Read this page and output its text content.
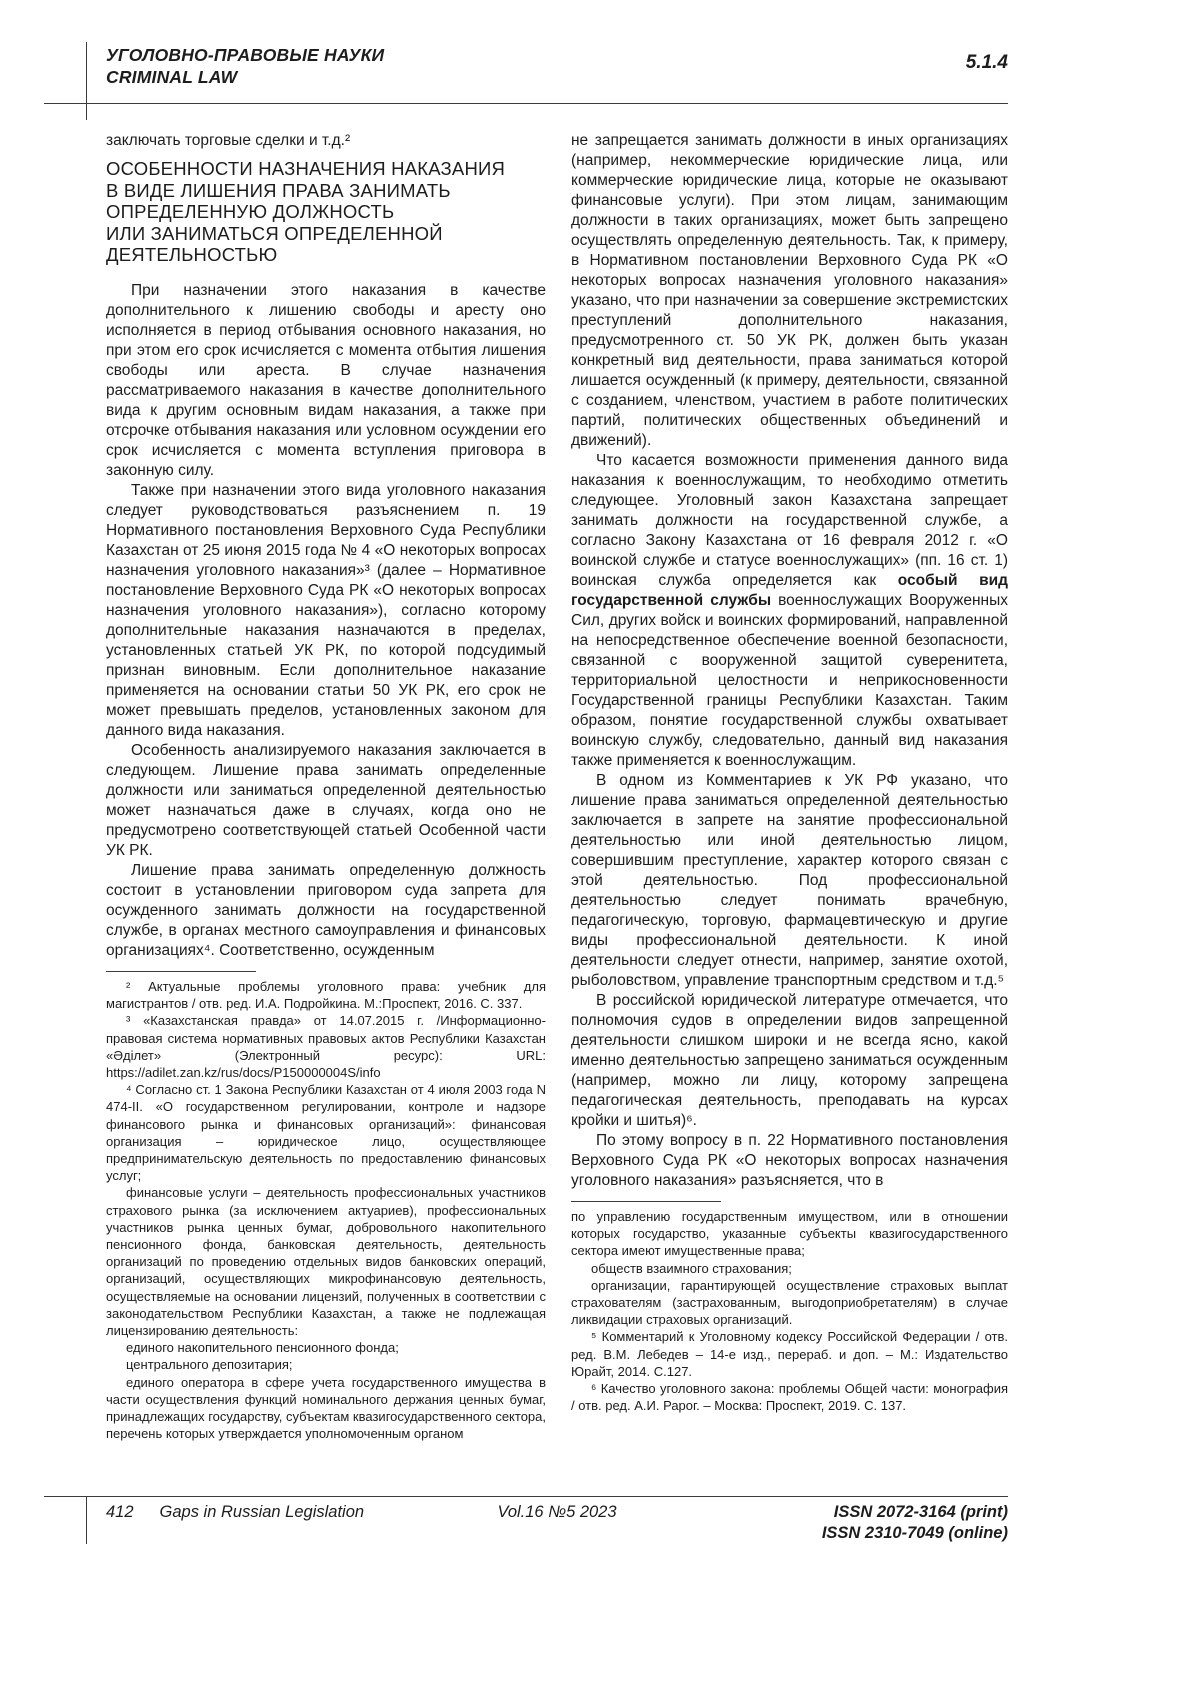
УГОЛОВНО-ПРАВОВЫЕ НАУКИ
CRIMINAL LAW
5.1.4

заключать торговые сделки и т.д.²

ОСОБЕННОСТИ НАЗНАЧЕНИЯ НАКАЗАНИЯ
В ВИДЕ ЛИШЕНИЯ ПРАВА ЗАНИМАТЬ
ОПРЕДЕЛЕННУЮ ДОЛЖНОСТЬ
ИЛИ ЗАНИМАТЬСЯ ОПРЕДЕЛЕННОЙ
ДЕЯТЕЛЬНОСТЬЮ

При назначении этого наказания в качестве дополнительного к лишению свободы и аресту оно исполняется в период отбывания основного наказания, но при этом его срок исчисляется с момента отбытия лишения свободы или ареста. В случае назначения рассматриваемого наказания в качестве дополнительного вида к другим основным видам наказания, а также при отсрочке отбывания наказания или условном осуждении его срок исчисляется с момента вступления приговора в законную силу.

Также при назначении этого вида уголовного наказания следует руководствоваться разъяснением п. 19 Нормативного постановления Верховного Суда Республики Казахстан от 25 июня 2015 года № 4 «О некоторых вопросах назначения уголовного наказания»³ (далее – Нормативное постановление Верховного Суда РК «О некоторых вопросах назначения уголовного наказания»), согласно которому дополнительные наказания назначаются в пределах, установленных статьей УК РК, по которой подсудимый признан виновным. Если дополнительное наказание применяется на основании статьи 50 УК РК, его срок не может превышать пределов, установленных законом для данного вида наказания.

Особенность анализируемого наказания заключается в следующем. Лишение права занимать определенные должности или заниматься определенной деятельностью может назначаться даже в случаях, когда оно не предусмотрено соответствующей статьей Особенной части УК РК.

Лишение права занимать определенную должность состоит в установлении приговором суда запрета для осужденного занимать должности на государственной службе, в органах местного самоуправления и финансовых организациях⁴. Соответственно, осужденным

² Актуальные проблемы уголовного права: учебник для магистрантов / отв. ред. И.А. Подройкина. М.:Проспект, 2016. С. 337.

³ «Казахстанская правда» от 14.07.2015 г. /Информационно-правовая система нормативных правовых актов Республики Казахстан «Әділет» (Электронный ресурс): URL: https://adilet.zan.kz/rus/docs/P150000004S/info

⁴ Согласно ст. 1 Закона Республики Казахстан от 4 июля 2003 года N 474-II. «О государственном регулировании, контроле и надзоре финансового рынка и финансовых организаций»: финансовая организация – юридическое лицо, осуществляющее предпринимательскую деятельность по предоставлению финансовых услуг;

финансовые услуги – деятельность профессиональных участников страхового рынка (за исключением актуариев), профессиональных участников рынка ценных бумаг, добровольного накопительного пенсионного фонда, банковская деятельность, деятельность организаций по проведению отдельных видов банковских операций, организаций, осуществляющих микрофинансовую деятельность, осуществляемые на основании лицензий, полученных в соответствии с законодательством Республики Казахстан, а также не подлежащая лицензированию деятельность:

единого накопительного пенсионного фонда;

центрального депозитария;

единого оператора в сфере учета государственного имущества в части осуществления функций номинального держания ценных бумаг, принадлежащих государству, субъектам квазигосударственного сектора, перечень которых утверждается уполномоченным органом

не запрещается занимать должности в иных организациях (например, некоммерческие юридические лица, или коммерческие юридические лица, которые не оказывают финансовые услуги). При этом лицам, занимающим должности в таких организациях, может быть запрещено осуществлять определенную деятельность. Так, к примеру, в Нормативном постановлении Верховного Суда РК «О некоторых вопросах назначения уголовного наказания» указано, что при назначении за совершение экстремистских преступлений дополнительного наказания, предусмотренного ст. 50 УК РК, должен быть указан конкретный вид деятельности, права заниматься которой лишается осужденный (к примеру, деятельности, связанной с созданием, членством, участием в работе политических партий, политических общественных объединений и движений).

Что касается возможности применения данного вида наказания к военнослужащим, то необходимо отметить следующее. Уголовный закон Казахстана запрещает занимать должности на государственной службе, а согласно Закону Казахстана от 16 февраля 2012 г. «О воинской службе и статусе военнослужащих» (пп. 16 ст. 1) воинская служба определяется как особый вид государственной службы военнослужащих Вооруженных Сил, других войск и воинских формирований, направленной на непосредственное обеспечение военной безопасности, связанной с вооруженной защитой суверенитета, территориальной целостности и неприкосновенности Государственной границы Республики Казахстан. Таким образом, понятие государственной службы охватывает воинскую службу, следовательно, данный вид наказания также применяется к военнослужащим.

В одном из Комментариев к УК РФ указано, что лишение права заниматься определенной деятельностью заключается в запрете на занятие профессиональной деятельностью или иной деятельностью лицом, совершившим преступление, характер которого связан с этой деятельностью. Под профессиональной деятельностью следует понимать врачебную, педагогическую, торговую, фармацевтическую и другие виды профессиональной деятельности. К иной деятельности следует отнести, например, занятие охотой, рыболовством, управление транспортным средством и т.д.⁵

В российской юридической литературе отмечается, что полномочия судов в определении видов запрещенной деятельности слишком широки и не всегда ясно, какой именно деятельностью запрещено заниматься осужденным (например, можно ли лицу, которому запрещена педагогическая деятельность, преподавать на курсах кройки и шитья)⁶.

По этому вопросу в п. 22 Нормативного постановления Верховного Суда РК «О некоторых вопросах назначения уголовного наказания» разъясняется, что в

по управлению государственным имуществом, или в отношении которых государство, указанные субъекты квазигосударственного сектора имеют имущественные права;

обществ взаимного страхования;

организации, гарантирующей осуществление страховых выплат страхователям (застрахованным, выгодоприобретателям) в случае ликвидации страховых организаций.

⁵ Комментарий к Уголовному кодексу Российской Федерации / отв. ред. В.М. Лебедев – 14-е изд., перераб. и доп. – М.: Издательство Юрайт, 2014. С.127.

⁶ Качество уголовного закона: проблемы Общей части: монография / отв. ред. А.И. Рарог. – Москва: Проспект, 2019. С. 137.

412 Gaps in Russian Legislation	Vol.16 №5 2023	ISSN 2072-3164 (print)
ISSN 2310-7049 (online)
